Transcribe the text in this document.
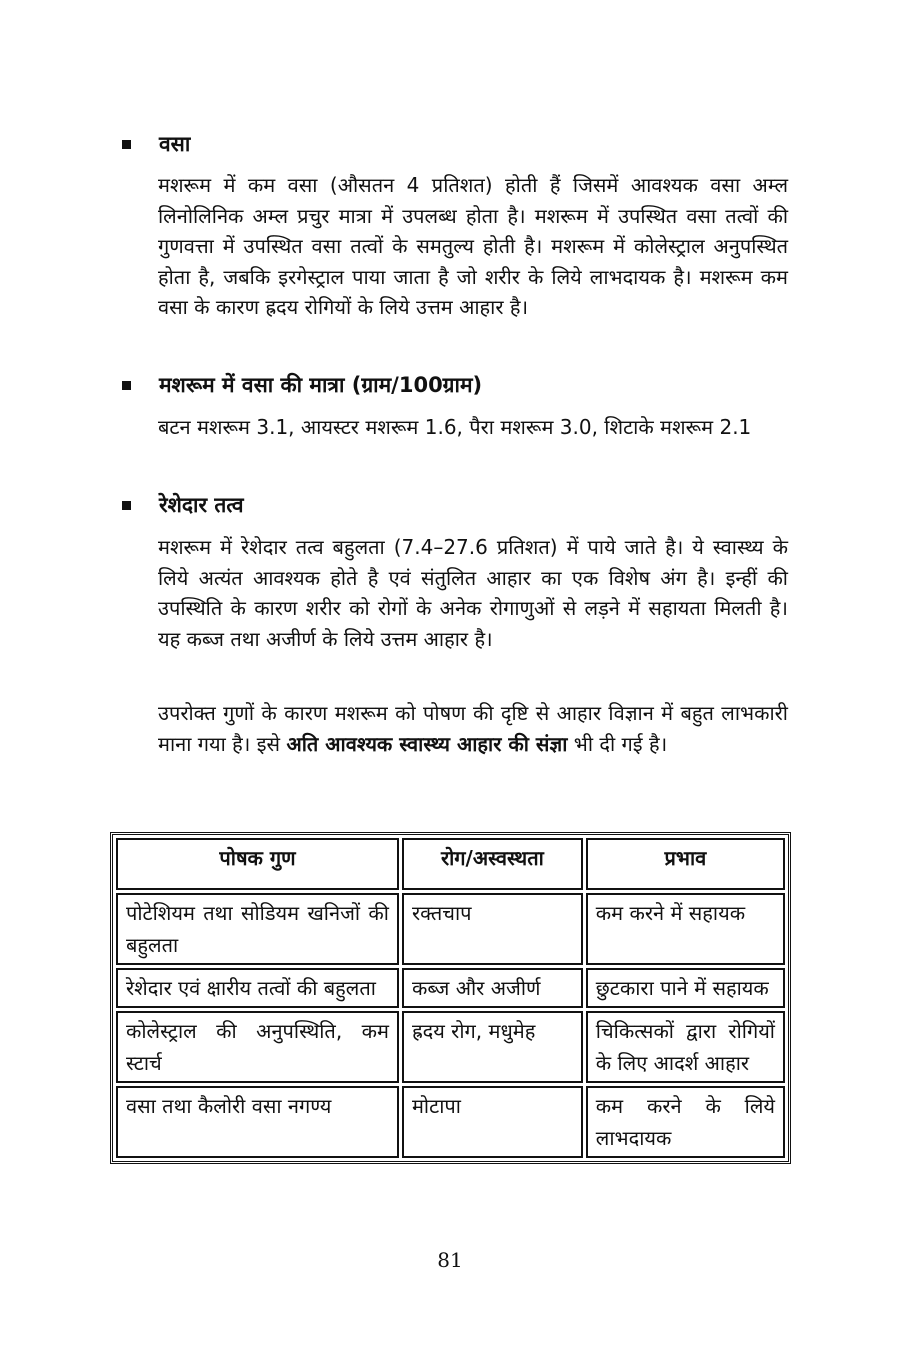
वसा

मशरूम में कम वसा (औसतन 4 प्रतिशत) होती हैं जिसमें आवश्यक वसा अम्ल लिनोलिनिक अम्ल प्रचुर मात्रा में उपलब्ध होता है। मशरूम में उपस्थित वसा तत्वों की गुणवत्ता में उपस्थित वसा तत्वों के समतुल्य होती है। मशरूम में कोलेस्ट्राल अनुपस्थित होता है, जबकि इरगेस्ट्राल पाया जाता है जो शरीर के लिये लाभदायक है। मशरूम कम वसा के कारण ह्रदय रोगियों के लिये उत्तम आहार है।

मशरूम में वसा की मात्रा (ग्राम/100ग्राम)

बटन मशरूम 3.1, आयस्टर मशरूम 1.6, पैरा मशरूम 3.0, शिटाके मशरूम 2.1

रेशेदार तत्व

मशरूम में रेशेदार तत्व बहुलता (7.4–27.6 प्रतिशत) में पाये जाते है। ये स्वास्थ्य के लिये अत्यंत आवश्यक होते है एवं संतुलित आहार का एक विशेष अंग है। इन्हीं की उपस्थिति के कारण शरीर को रोगों के अनेक रोगाणुओं से लड़ने में सहायता मिलती है। यह कब्ज तथा अजीर्ण के लिये उत्तम आहार है।

उपरोक्त गुणों के कारण मशरूम को पोषण की दृष्टि से आहार विज्ञान में बहुत लाभकारी माना गया है। इसे अति आवश्यक स्वास्थ्य आहार की संज्ञा भी दी गई है।

पोषक गुण	रोग/अस्वस्थता	प्रभाव
पोटेशियम तथा सोडियम खनिजों की बहुलता	रक्तचाप	कम करने में सहायक
रेशेदार एवं क्षारीय तत्वों की बहुलता	कब्ज और अजीर्ण	छुटकारा पाने में सहायक
कोलेस्ट्राल की अनुपस्थिति, कम स्टार्च	ह्रदय रोग, मधुमेह	चिकित्सकों द्वारा रोगियों के लिए आदर्श आहार
वसा तथा कैलोरी वसा नगण्य	मोटापा	कम करने के लिये लाभदायक
81
